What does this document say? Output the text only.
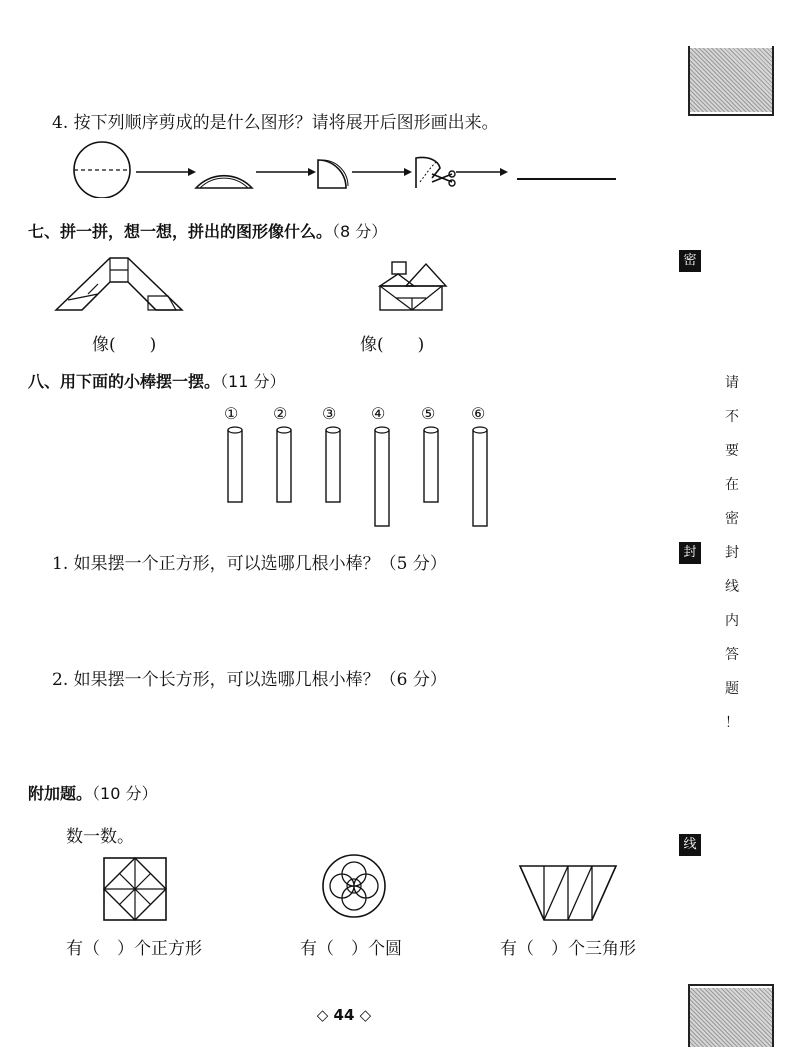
4. 按下列顺序剪成的是什么图形？请将展开后图形画出来。
七、拼一拼，想一想，拼出的图形像什么。（8 分）
像(　　)	像(　　)
八、用下面的小棒摆一摆。（11 分）
① ② ③ ④ ⑤ ⑥
1. 如果摆一个正方形，可以选哪几根小棒？（5 分）
2. 如果摆一个长方形，可以选哪几根小棒？（6 分）
附加题。（10 分）
数一数。
有（　）个正方形	有（　）个圆	有（　）个三角形
◇ 44 ◇
密
封
线
请
不
要
在
密
封
线
内
答
题
！
